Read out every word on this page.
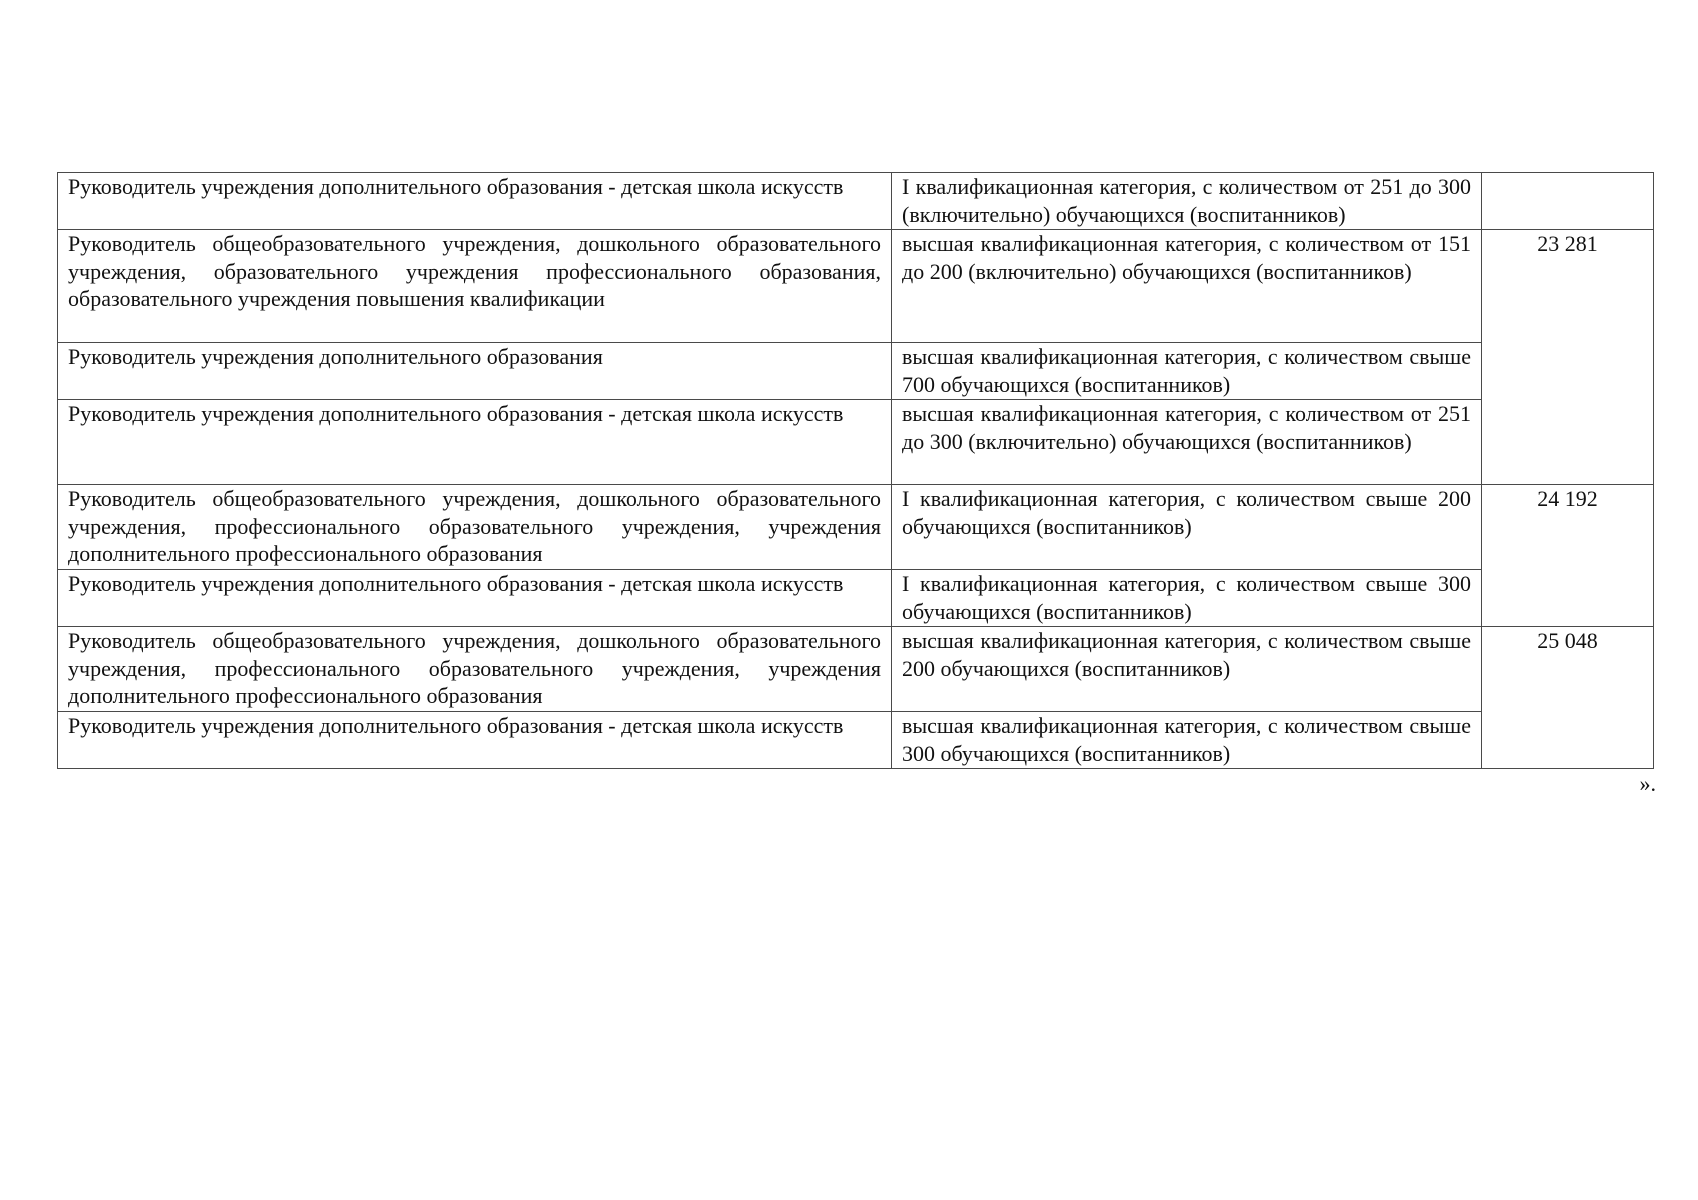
Руководитель учреждения дополнительного образования - детская школа искусств	I квалификационная категория, с количеством от 251 до 300 (включительно) обучающихся (воспитанников)	
Руководитель общеобразовательного учреждения, дошкольного образовательного учреждения, образовательного учреждения профессионального образования, образовательного учреждения повышения квалификации	высшая квалификационная категория, с количеством от 151 до 200 (включительно) обучающихся (воспитанников)	23 281
Руководитель учреждения дополнительного образования	высшая квалификационная категория, с количеством свыше 700 обучающихся (воспитанников)	
Руководитель учреждения дополнительного образования - детская школа искусств	высшая квалификационная категория, с количеством от 251 до 300 (включительно) обучающихся (воспитанников)	
Руководитель общеобразовательного учреждения, дошкольного образовательного учреждения, профессионального образовательного учреждения, учреждения дополнительного профессионального образования	I квалификационная категория, с количеством свыше 200 обучающихся (воспитанников)	24 192
Руководитель учреждения дополнительного образования - детская школа искусств	I квалификационная категория, с количеством свыше 300 обучающихся (воспитанников)	
Руководитель общеобразовательного учреждения, дошкольного образовательного учреждения, профессионального образовательного учреждения, учреждения дополнительного профессионального образования	высшая квалификационная категория, с количеством свыше 200 обучающихся (воспитанников)	25 048
Руководитель учреждения дополнительного образования - детская школа искусств	высшая квалификационная категория, с количеством свыше 300 обучающихся (воспитанников)	
».
